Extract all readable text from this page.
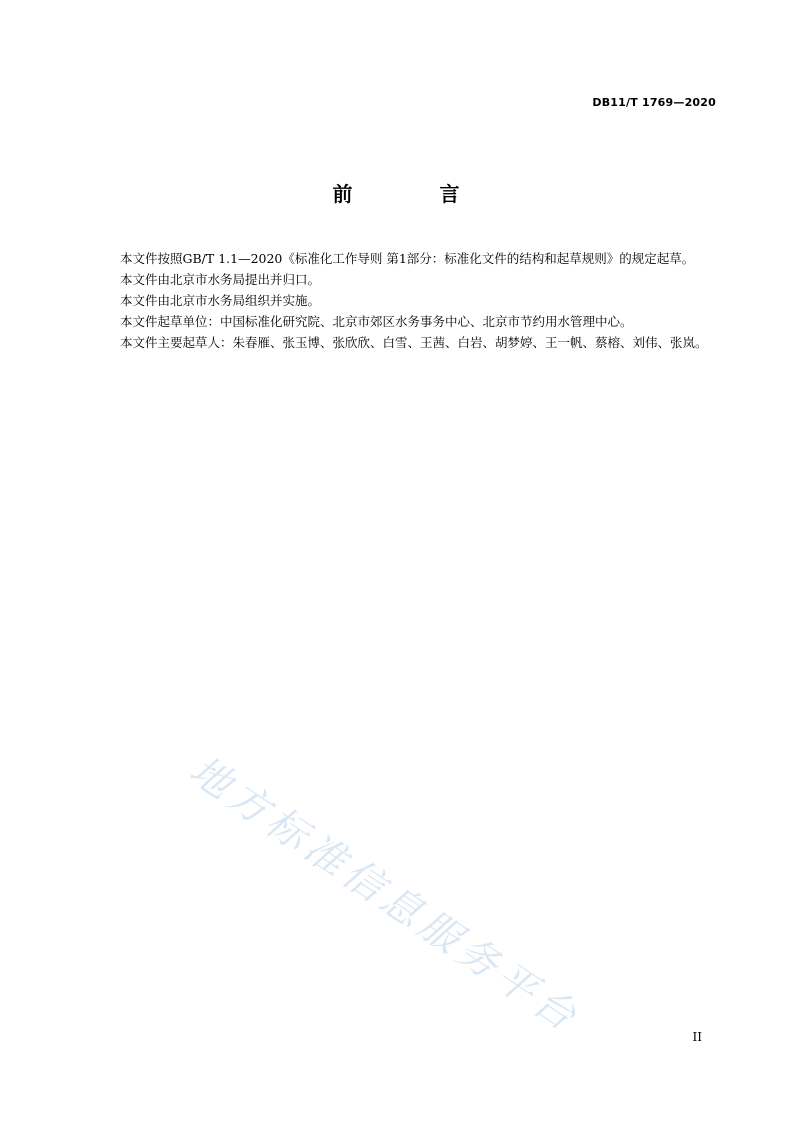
DB11/T 1769—2020
前 言

本文件按照GB/T 1.1—2020《标准化工作导则 第1部分：标准化文件的结构和起草规则》的规定起草。

本文件由北京市水务局提出并归口。

本文件由北京市水务局组织并实施。

本文件起草单位：中国标准化研究院、北京市郊区水务事务中心、北京市节约用水管理中心。

本文件主要起草人：朱春雁、张玉博、张欣欣、白雪、王茜、白岩、胡梦婷、王一帆、蔡榕、刘伟、张岚。

地方标准信息服务平台	II
